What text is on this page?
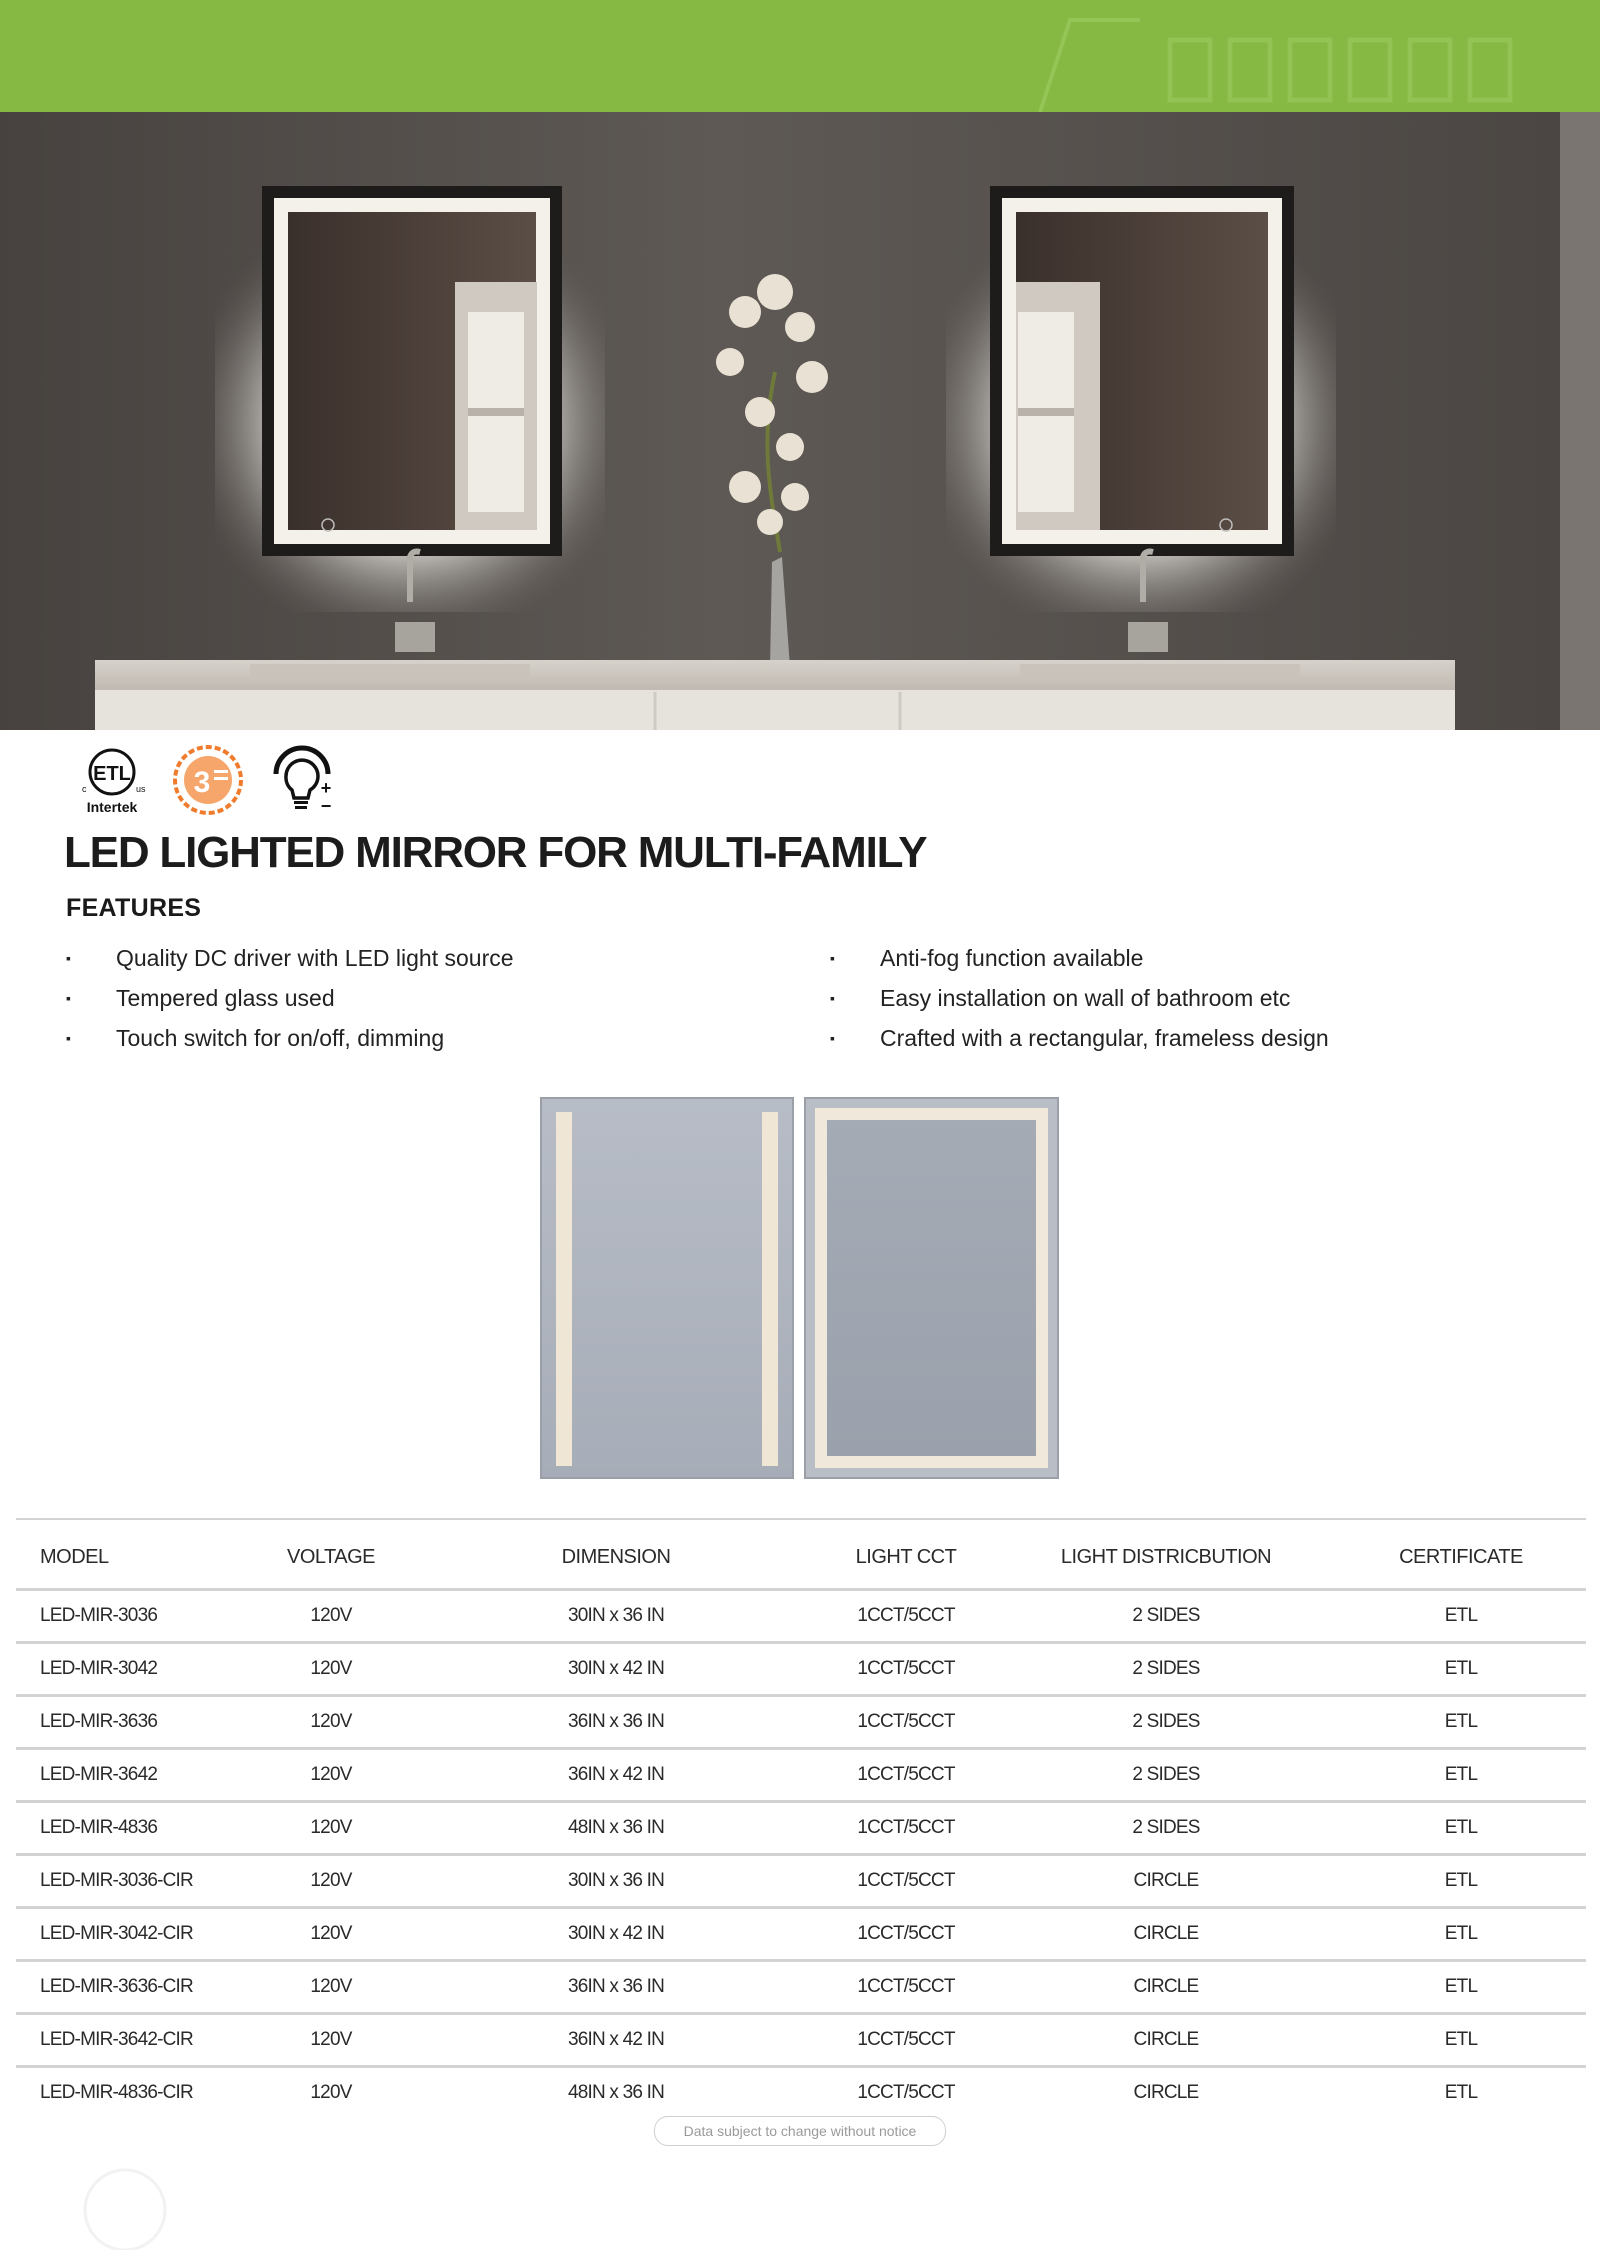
ETL
c	us
Intertek
3	+
−
LED LIGHTED MIRROR FOR MULTI-FAMILY
FEATURES
▪ Quality DC driver with LED light source
▪ Tempered glass used
▪ Touch switch for on/off, dimming
▪ Anti-fog function available
▪ Easy installation on wall of bathroom etc
▪ Crafted with a rectangular, frameless design
MODEL	VOLTAGE	DIMENSION	LIGHT CCT	LIGHT DISTRICBUTION	CERTIFICATE
LED-MIR-3036	120V	30IN x 36 IN	1CCT/5CCT	2 SIDES	ETL
LED-MIR-3042	120V	30IN x 42 IN	1CCT/5CCT	2 SIDES	ETL
LED-MIR-3636	120V	36IN x 36 IN	1CCT/5CCT	2 SIDES	ETL
LED-MIR-3642	120V	36IN x 42 IN	1CCT/5CCT	2 SIDES	ETL
LED-MIR-4836	120V	48IN x 36 IN	1CCT/5CCT	2 SIDES	ETL
LED-MIR-3036-CIR	120V	30IN x 36 IN	1CCT/5CCT	CIRCLE	ETL
LED-MIR-3042-CIR	120V	30IN x 42 IN	1CCT/5CCT	CIRCLE	ETL
LED-MIR-3636-CIR	120V	36IN x 36 IN	1CCT/5CCT	CIRCLE	ETL
LED-MIR-3642-CIR	120V	36IN x 42 IN	1CCT/5CCT	CIRCLE	ETL
LED-MIR-4836-CIR	120V	48IN x 36 IN	1CCT/5CCT	CIRCLE	ETL
Data subject to change without notice
